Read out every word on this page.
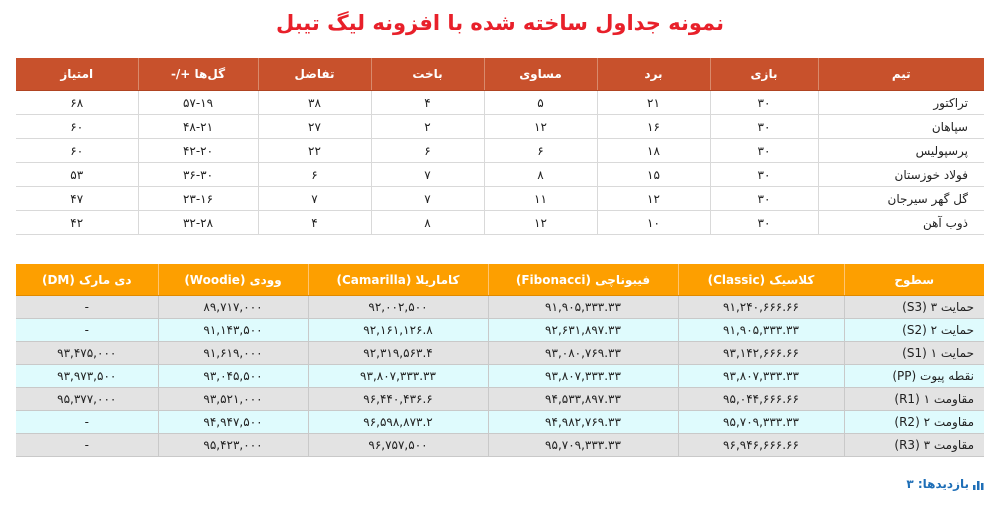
نمونه جداول ساخته شده با افزونه لیگ تیبل
تیم	بازی	برد	مساوی	باخت	تفاضل	گل‌ها +/-	امتیاز
تراکتور	۳۰	۲۱	۵	۴	۳۸	۵۷-۱۹	۶۸
سپاهان	۳۰	۱۶	۱۲	۲	۲۷	۴۸-۲۱	۶۰
پرسپولیس	۳۰	۱۸	۶	۶	۲۲	۴۲-۲۰	۶۰
فولاد خوزستان	۳۰	۱۵	۸	۷	۶	۳۶-۳۰	۵۳
گل گهر سیرجان	۳۰	۱۲	۱۱	۷	۷	۲۳-۱۶	۴۷
ذوب آهن	۳۰	۱۰	۱۲	۸	۴	۳۲-۲۸	۴۲
سطوح	کلاسیک (Classic)	فیبوناچی (Fibonacci)	کاماریلا (Camarilla)	وودی (Woodie)	دی مارک (DM)
حمایت ۳ (S3)	۹۱,۲۴۰,۶۶۶.۶۶	۹۱,۹۰۵,۳۳۳.۳۳	۹۲,۰۰۲,۵۰۰	۸۹,۷۱۷,۰۰۰	-
حمایت ۲ (S2)	۹۱,۹۰۵,۳۳۳.۳۳	۹۲,۶۳۱,۸۹۷.۳۳	۹۲,۱۶۱,۱۲۶.۸	۹۱,۱۴۳,۵۰۰	-
حمایت ۱ (S1)	۹۳,۱۴۲,۶۶۶.۶۶	۹۳,۰۸۰,۷۶۹.۳۳	۹۲,۳۱۹,۵۶۳.۴	۹۱,۶۱۹,۰۰۰	۹۳,۴۷۵,۰۰۰
نقطه پیوت (PP)	۹۳,۸۰۷,۳۳۳.۳۳	۹۳,۸۰۷,۳۳۳.۳۳	۹۳,۸۰۷,۳۳۳.۳۳	۹۳,۰۴۵,۵۰۰	۹۳,۹۷۳,۵۰۰
مقاومت ۱ (R1)	۹۵,۰۴۴,۶۶۶.۶۶	۹۴,۵۳۳,۸۹۷.۳۳	۹۶,۴۴۰,۴۳۶.۶	۹۳,۵۲۱,۰۰۰	۹۵,۳۷۷,۰۰۰
مقاومت ۲ (R2)	۹۵,۷۰۹,۳۳۳.۳۳	۹۴,۹۸۲,۷۶۹.۳۳	۹۶,۵۹۸,۸۷۳.۲	۹۴,۹۴۷,۵۰۰	-
مقاومت ۳ (R3)	۹۶,۹۴۶,۶۶۶.۶۶	۹۵,۷۰۹,۳۳۳.۳۳	۹۶,۷۵۷,۵۰۰	۹۵,۴۲۳,۰۰۰	-
بازدیدها: ۳
